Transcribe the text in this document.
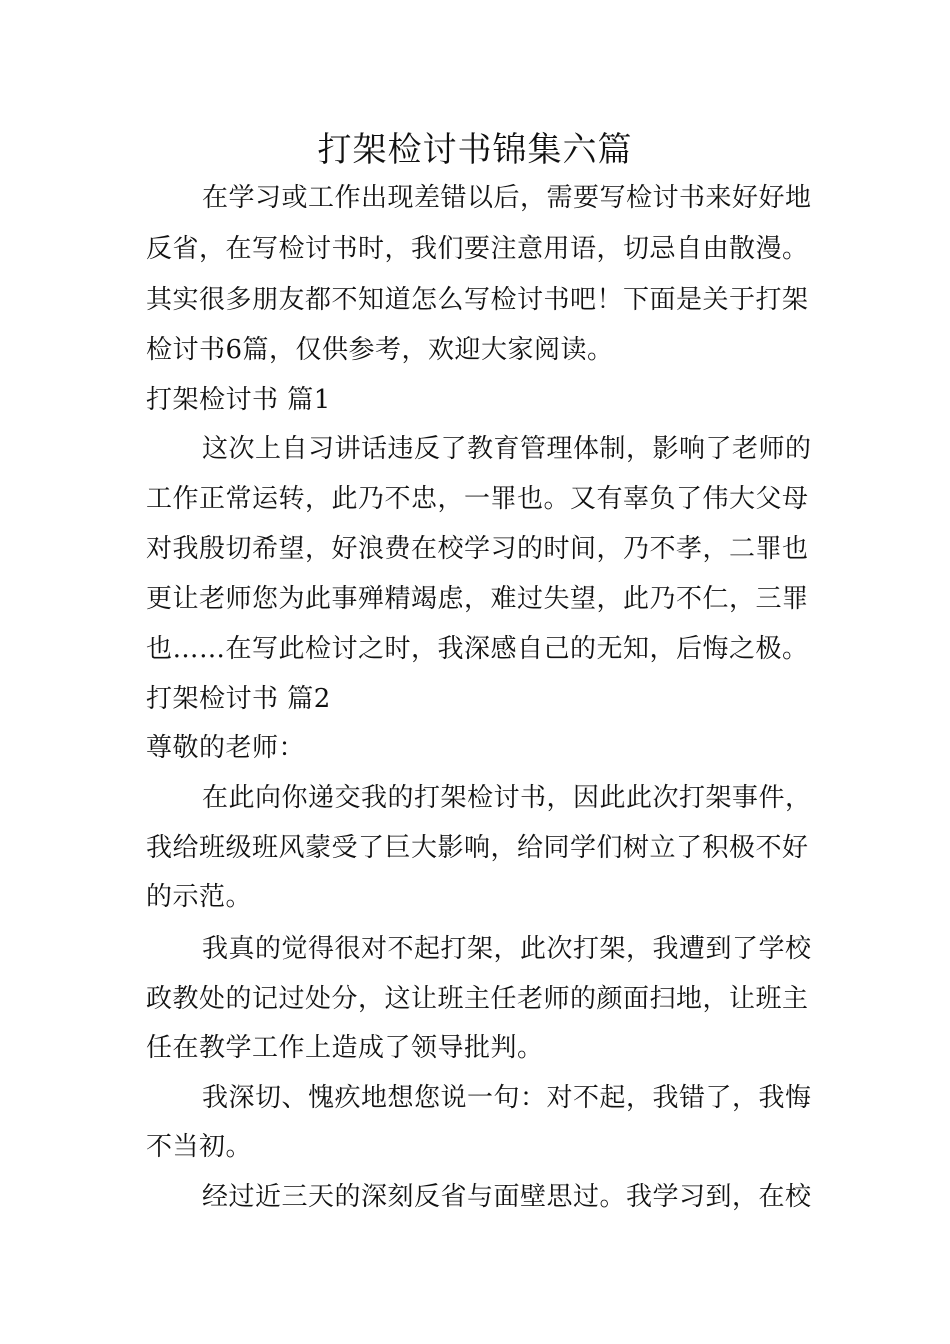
打架检讨书锦集六篇
在学习或工作出现差错以后，需要写检讨书来好好地
反省，在写检讨书时，我们要注意用语，切忌自由散漫。
其实很多朋友都不知道怎么写检讨书吧！下面是关于打架
检讨书6篇，仅供参考，欢迎大家阅读。
打架检讨书 篇1
这次上自习讲话违反了教育管理体制，影响了老师的
工作正常运转，此乃不忠，一罪也。又有辜负了伟大父母
对我殷切希望，好浪费在校学习的时间，乃不孝，二罪也
更让老师您为此事殚精竭虑，难过失望，此乃不仁，三罪
也……在写此检讨之时，我深感自己的无知，后悔之极。
打架检讨书 篇2
尊敬的老师：
在此向你递交我的打架检讨书，因此此次打架事件，
我给班级班风蒙受了巨大影响，给同学们树立了积极不好
的示范。
我真的觉得很对不起打架，此次打架，我遭到了学校
政教处的记过处分，这让班主任老师的颜面扫地，让班主
任在教学工作上造成了领导批判。
我深切、愧疚地想您说一句：对不起，我错了，我悔
不当初。
经过近三天的深刻反省与面壁思过。我学习到，在校
